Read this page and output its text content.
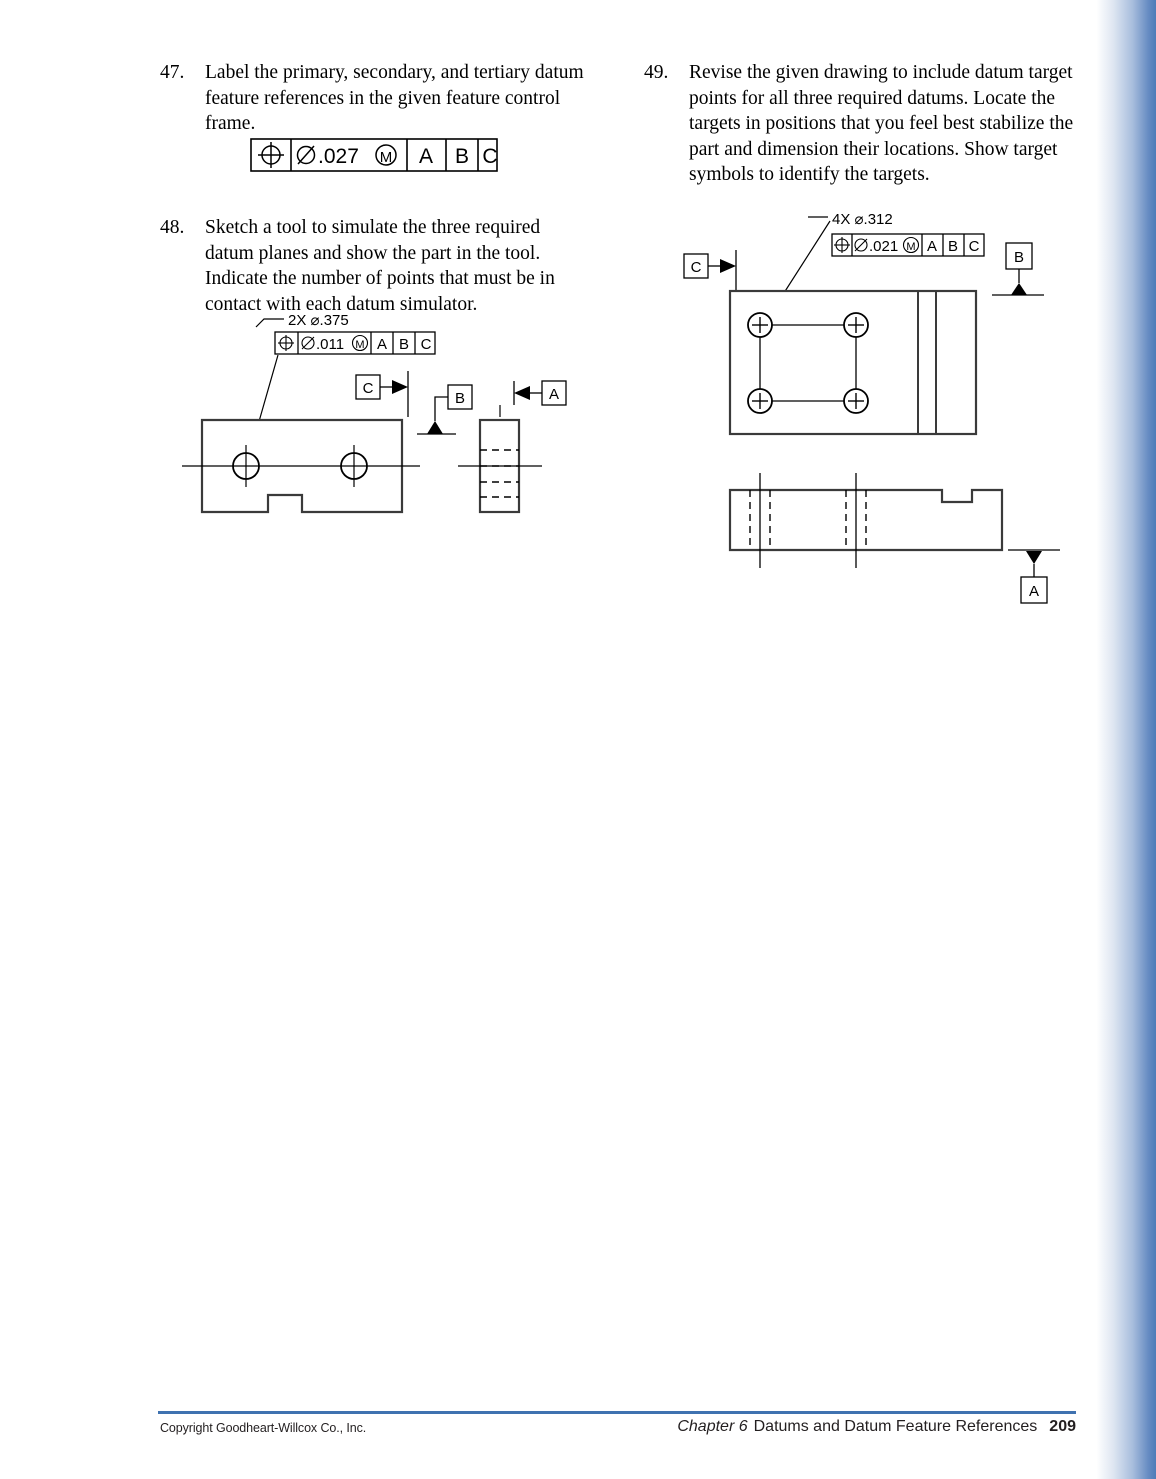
47.	Label the primary, secondary, and tertiary datum feature references in the given feature control frame.
.027 M A B C
48.	Sketch a tool to simulate the three required datum planes and show the part in the tool. Indicate the number of points that must be in contact with each datum simulator.
2X ⌀.375
.011 M A B C
C
B	A
49.	Revise the given drawing to include datum target points for all three required datums. Locate the targets in positions that you feel best stabilize the part and dimension their locations. Show target symbols to identify the targets.
4X ⌀.312
.021 M A B C
C
B
A
Copyright Goodheart-Willcox Co., Inc.	Chapter 6 Datums and Datum Feature References 209
